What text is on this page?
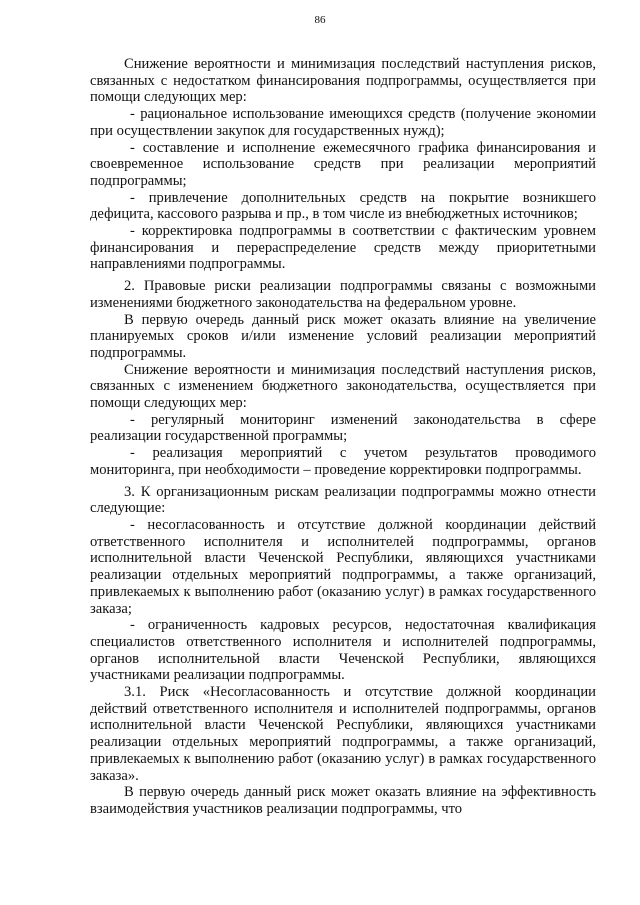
86

Снижение вероятности и минимизация последствий наступления рисков, связанных с недостатком финансирования подпрограммы, осуществляется при помощи следующих мер:

- рациональное использование имеющихся средств (получение экономии при осуществлении закупок для государственных нужд);

- составление и исполнение ежемесячного графика финансирования и своевременное использование средств при реализации мероприятий подпрограммы;

- привлечение дополнительных средств на покрытие возникшего дефицита, кассового разрыва и пр., в том числе из внебюджетных источников;

- корректировка подпрограммы в соответствии с фактическим уровнем финансирования и перераспределение средств между приоритетными направлениями подпрограммы.

2. Правовые риски реализации подпрограммы связаны с возможными изменениями бюджетного законодательства на федеральном уровне.

В первую очередь данный риск может оказать влияние на увеличение планируемых сроков и/или изменение условий реализации мероприятий подпрограммы.

Снижение вероятности и минимизация последствий наступления рисков, связанных с изменением бюджетного законодательства, осуществляется при помощи следующих мер:

- регулярный мониторинг изменений законодательства в сфере реализации государственной программы;

- реализация мероприятий с учетом результатов проводимого мониторинга, при необходимости – проведение корректировки подпрограммы.

3. К организационным рискам реализации подпрограммы можно отнести следующие:

- несогласованность и отсутствие должной координации действий ответственного исполнителя и исполнителей подпрограммы, органов исполнительной власти Чеченской Республики, являющихся участниками реализации отдельных мероприятий подпрограммы, а также организаций, привлекаемых к выполнению работ (оказанию услуг) в рамках государственного заказа;

- ограниченность кадровых ресурсов, недостаточная квалификация специалистов ответственного исполнителя и исполнителей подпрограммы, органов исполнительной власти Чеченской Республики, являющихся участниками реализации подпрограммы.

3.1. Риск «Несогласованность и отсутствие должной координации действий ответственного исполнителя и исполнителей подпрограммы, органов исполнительной власти Чеченской Республики, являющихся участниками реализации отдельных мероприятий подпрограммы, а также организаций, привлекаемых к выполнению работ (оказанию услуг) в рамках государственного заказа».

В первую очередь данный риск может оказать влияние на эффективность взаимодействия участников реализации подпрограммы, что
